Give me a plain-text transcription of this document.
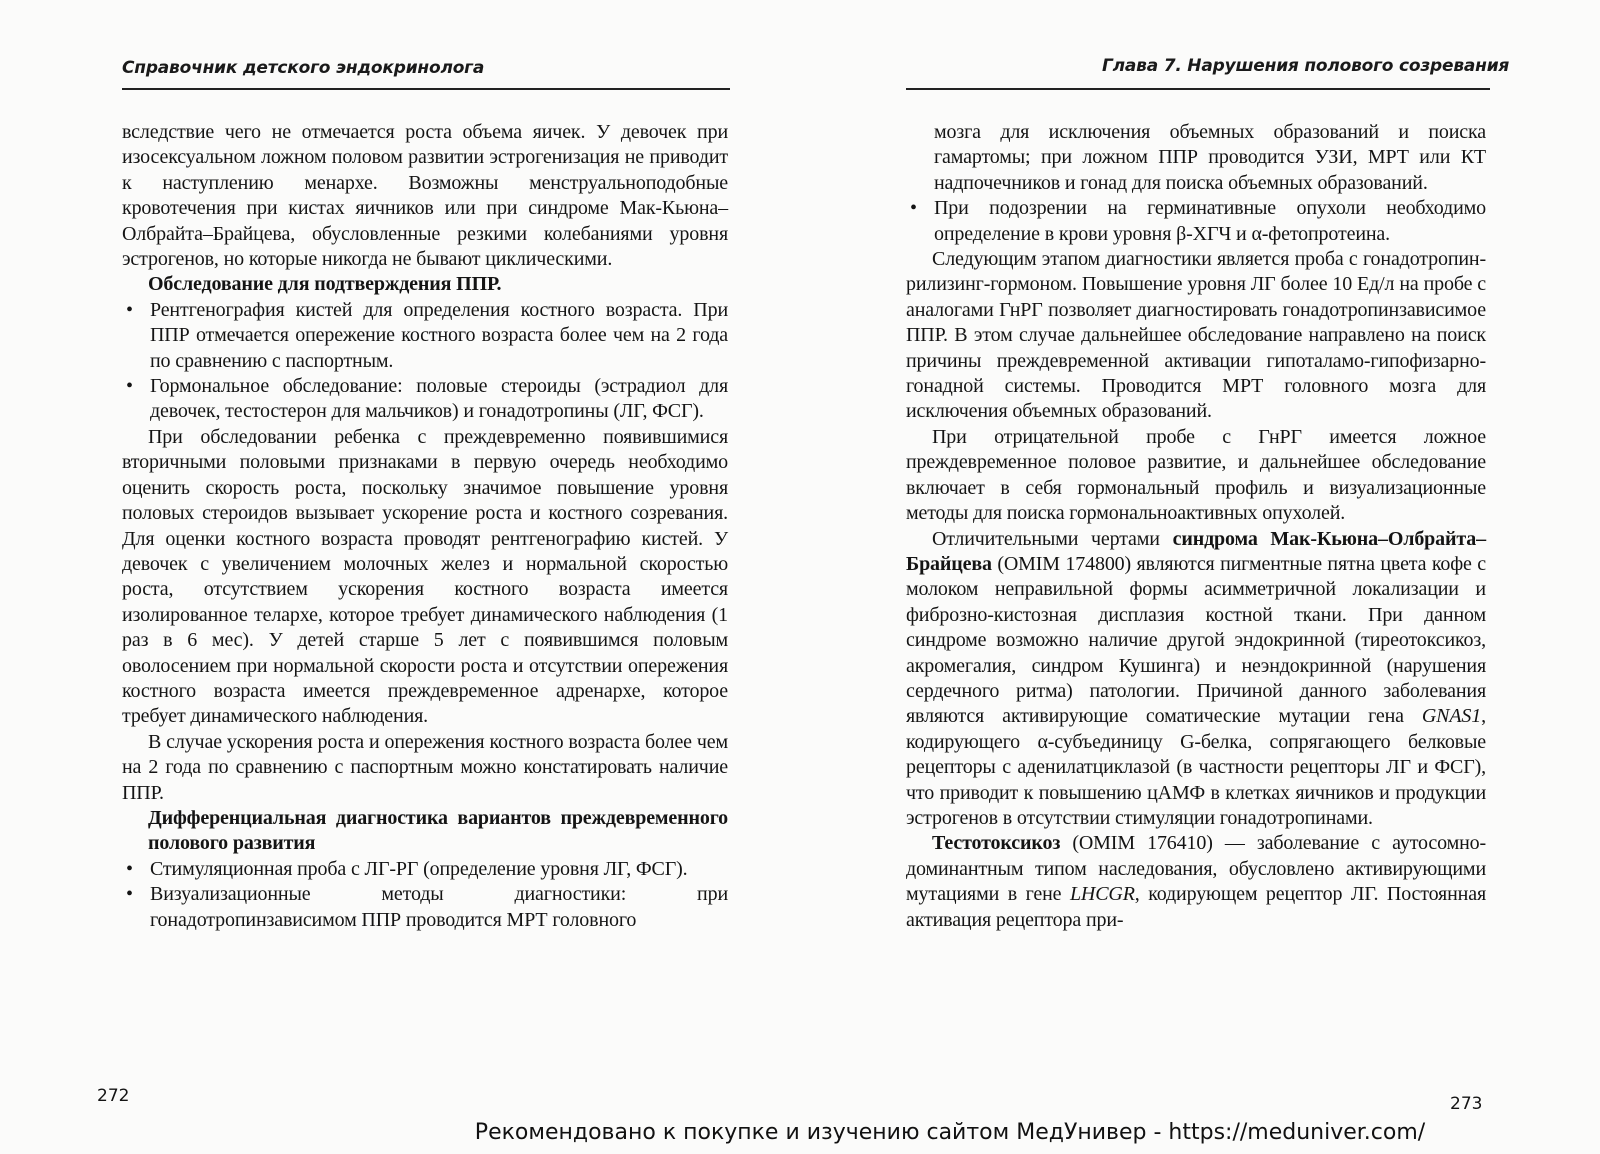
Справочник детского эндокринолога

вследствие чего не отмечается роста объема яичек. У девочек при изосексуальном ложном половом развитии эстрогенизация не приводит к наступлению менархе. Возможны менструальноподобные кровотечения при кистах яичников или при синдроме Мак-Кьюна–Олбрайта–Брайцева, обусловленные резкими колебаниями уровня эстрогенов, но которые никогда не бывают циклическими.

Обследование для подтверждения ППР.

• Рентгенография кистей для определения костного возраста. При ППР отмечается опережение костного возраста более чем на 2 года по сравнению с паспортным.
• Гормональное обследование: половые стероиды (эстрадиол для девочек, тестостерон для мальчиков) и гонадотропины (ЛГ, ФСГ).

При обследовании ребенка с преждевременно появившимися вторичными половыми признаками в первую очередь необходимо оценить скорость роста, поскольку значимое повышение уровня половых стероидов вызывает ускорение роста и костного созревания. Для оценки костного возраста проводят рентгенографию кистей. У девочек с увеличением молочных желез и нормальной скоростью роста, отсутствием ускорения костного возраста имеется изолированное телархе, которое требует динамического наблюдения (1 раз в 6 мес). У детей старше 5 лет с появившимся половым оволосением при нормальной скорости роста и отсутствии опережения костного возраста имеется преждевременное адренархе, которое требует динамического наблюдения.

В случае ускорения роста и опережения костного возраста более чем на 2 года по сравнению с паспортным можно констатировать наличие ППР.

Дифференциальная диагностика вариантов преждевременного полового развития

• Стимуляционная проба с ЛГ-РГ (определение уровня ЛГ, ФСГ).
• Визуализационные методы диагностики: при гонадотропинзависимом ППР проводится МРТ головного
272
Глава 7. Нарушения полового созревания

мозга для исключения объемных образований и поиска гамартомы; при ложном ППР проводится УЗИ, МРТ или КТ надпочечников и гонад для поиска объемных образований.

• При подозрении на герминативные опухоли необходимо определение в крови уровня β-ХГЧ и α-фетопротеина.

Следующим этапом диагностики является проба с гонадотропин-рилизинг-гормоном. Повышение уровня ЛГ более 10 Ед/л на пробе с аналогами ГнРГ позволяет диагностировать гонадотропинзависимое ППР. В этом случае дальнейшее обследование направлено на поиск причины преждевременной активации гипоталамо-гипофизарно-гонадной системы. Проводится МРТ головного мозга для исключения объемных образований.

При отрицательной пробе с ГнРГ имеется ложное преждевременное половое развитие, и дальнейшее обследование включает в себя гормональный профиль и визуализационные методы для поиска гормональноактивных опухолей.

Отличительными чертами синдрома Мак-Кьюна–Олбрайта–Брайцева (OMIM 174800) являются пигментные пятна цвета кофе с молоком неправильной формы асимметричной локализации и фиброзно-кистозная дисплазия костной ткани. При данном синдроме возможно наличие другой эндокринной (тиреотоксикоз, акромегалия, синдром Кушинга) и неэндокринной (нарушения сердечного ритма) патологии. Причиной данного заболевания являются активирующие соматические мутации гена GNAS1, кодирующего α-субъединицу G-белка, сопрягающего белковые рецепторы с аденилатциклазой (в частности рецепторы ЛГ и ФСГ), что приводит к повышению цАМФ в клетках яичников и продукции эстрогенов в отсутствии стимуляции гонадотропинами.

Тестотоксикоз (OMIM 176410) — заболевание с аутосомно-доминантным типом наследования, обусловлено активирующими мутациями в гене LHCGR, кодирующем рецептор ЛГ. Постоянная активация рецептора при-

273
Рекомендовано к покупке и изучению сайтом МедУнивер - https://meduniver.com/
